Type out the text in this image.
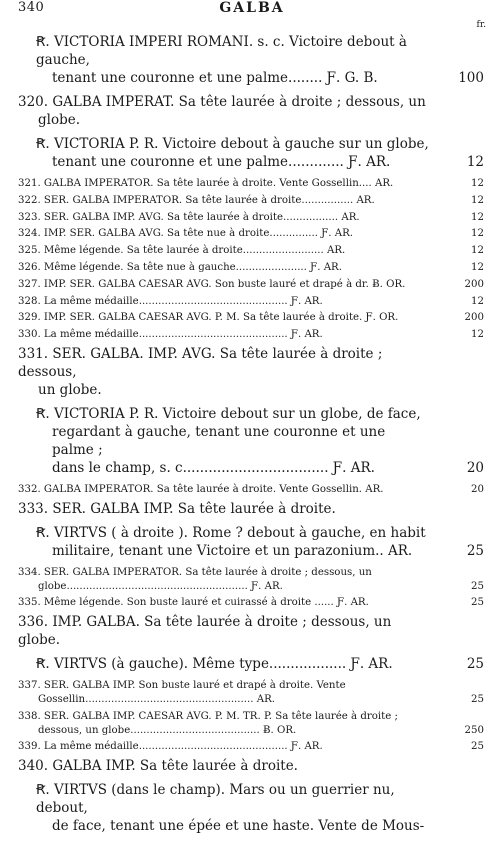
340	GALBA
fr.
Ꞧ. VICTORIA IMPERI ROMANI. s. c. Victoire debout à gauche,
tenant une couronne et une palme........ Ƒ. G. B.	100
320. GALBA IMPERAT. Sa tête laurée à droite ; dessous, un
globe.
Ꞧ. VICTORIA P. R. Victoire debout à gauche sur un globe,
tenant une couronne et une palme............. Ƒ. AR.	12
321. GALBA IMPERATOR. Sa tête laurée à droite. Vente Gossellin.... AR.	12
322. SER. GALBA IMPERATOR. Sa tête laurée à droite................ AR.	12
323. SER. GALBA IMP. AVG. Sa tête laurée à droite................. AR.	12
324. IMP. SER. GALBA AVG. Sa tête nue à droite............... Ƒ. AR.	12
325. Même légende. Sa tête laurée à droite......................... AR.	12
326. Même légende. Sa tête nue à gauche...................... Ƒ. AR.	12
327. IMP. SER. GALBA CAESAR AVG. Son buste lauré et drapé à dr. Ƀ. OR.	200
328. La même médaille.............................................. Ƒ. AR.	12
329. IMP. SER. GALBA CAESAR AVG. P. M. Sa tête laurée à droite. Ƒ. OR.	200
330. La même médaille.............................................. Ƒ. AR.	12
331. SER. GALBA. IMP. AVG. Sa tête laurée à droite ; dessous,
un globe.
Ꞧ. VICTORIA P. R. Victoire debout sur un globe, de face,
regardant à gauche, tenant une couronne et une palme ;
dans le champ, s. c.................................. Ƒ. AR.	20
332. GALBA IMPERATOR. Sa tête laurée à droite. Vente Gossellin. AR.	20
333. SER. GALBA IMP. Sa tête laurée à droite.
Ꞧ. VIRTVS ( à droite ). Rome ? debout à gauche, en habit
militaire, tenant une Victoire et un parazonium.. AR.	25
334. SER. GALBA IMPERATOR. Sa tête laurée à droite ; dessous, un
globe........................................................ Ƒ. AR.	25
335. Même légende. Son buste lauré et cuirassé à droite ...... Ƒ. AR.	25
336. IMP. GALBA. Sa tête laurée à droite ; dessous, un globe.
Ꞧ. VIRTVS (à gauche). Même type.................. Ƒ. AR.	25
337. SER. GALBA IMP. Son buste lauré et drapé à droite. Vente
Gossellin.................................................... AR.	25
338. SER. GALBA IMP. CAESAR AVG. P. M. TR. P. Sa tête laurée à droite ;
dessous, un globe........................................ Ƀ. OR.	250
339. La même médaille.............................................. Ƒ. AR.	25
340. GALBA IMP. Sa tête laurée à droite.
Ꞧ. VIRTVS (dans le champ). Mars ou un guerrier nu, debout,
de face, tenant une épée et une haste. Vente de Mous-
